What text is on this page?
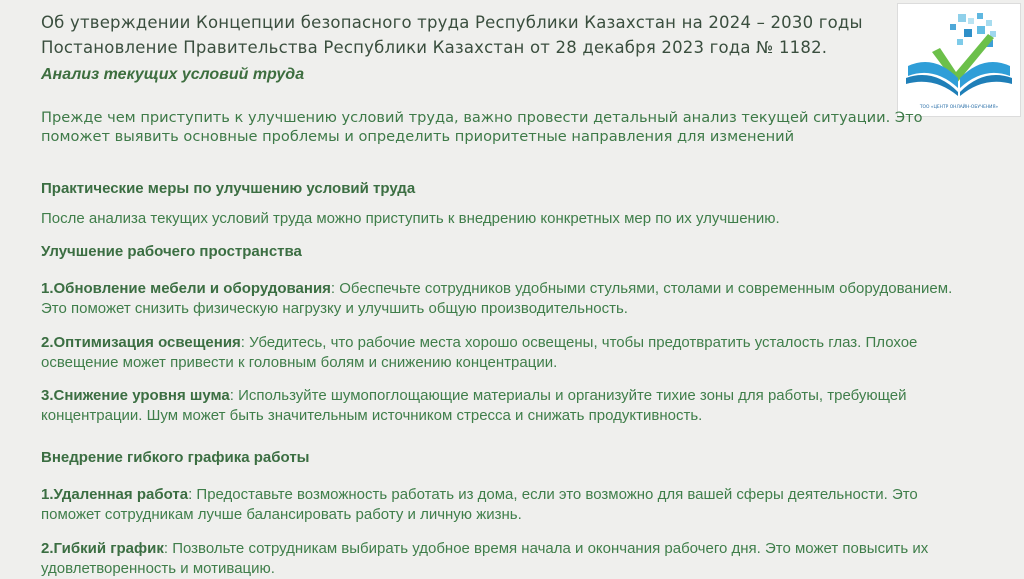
Об утверждении Концепции безопасного труда Республики Казахстан на 2024 – 2030 годы
Постановление Правительства Республики Казахстан от 28 декабря 2023 года № 1182.
ТОО «ЦЕНТР ОНЛАЙН-ОБУЧЕНИЯ»
Анализ текущих условий труда
Прежде чем приступить к улучшению условий труда, важно провести детальный анализ текущей ситуации. Это поможет выявить основные проблемы и определить приоритетные направления для изменений
Практические меры по улучшению условий труда
После анализа текущих условий труда можно приступить к внедрению конкретных мер по их улучшению.
Улучшение рабочего пространства
1.Обновление мебели и оборудования: Обеспечьте сотрудников удобными стульями, столами и современным оборудованием. Это поможет снизить физическую нагрузку и улучшить общую производительность.
2.Оптимизация освещения: Убедитесь, что рабочие места хорошо освещены, чтобы предотвратить усталость глаз. Плохое освещение может привести к головным болям и снижению концентрации.
3.Снижение уровня шума: Используйте шумопоглощающие материалы и организуйте тихие зоны для работы, требующей концентрации. Шум может быть значительным источником стресса и снижать продуктивность.
Внедрение гибкого графика работы
1.Удаленная работа: Предоставьте возможность работать из дома, если это возможно для вашей сферы деятельности. Это поможет сотрудникам лучше балансировать работу и личную жизнь.
2.Гибкий график: Позвольте сотрудникам выбирать удобное время начала и окончания рабочего дня. Это может повысить их удовлетворенность и мотивацию.
